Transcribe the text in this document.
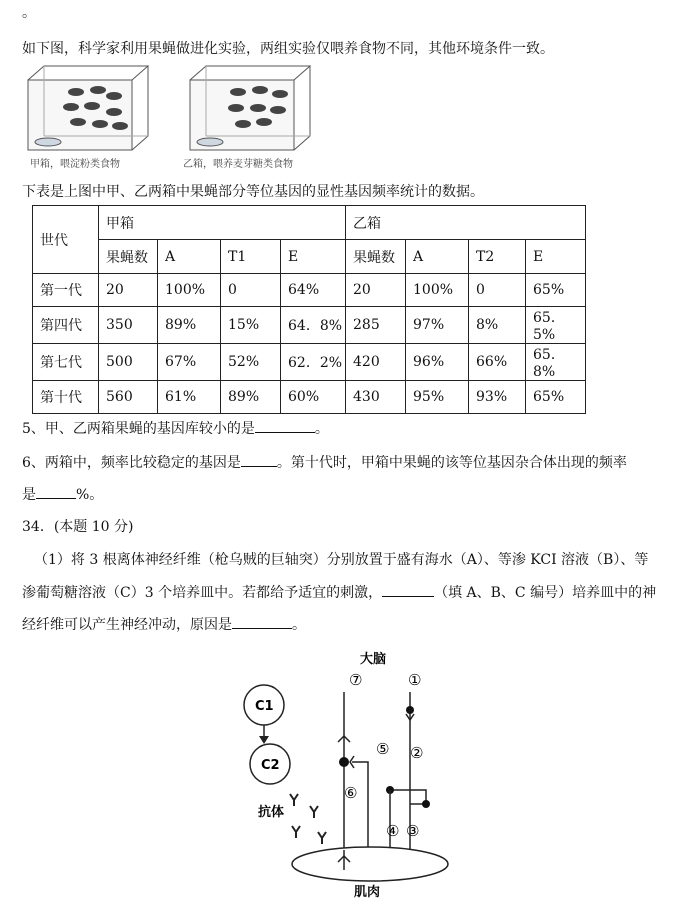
。
如下图，科学家利用果蝇做进化实验，两组实验仅喂养食物不同，其他环境条件一致。
甲箱，喂淀粉类食物	乙箱，喂养麦芽糖类食物
下表是上图中甲、乙两箱中果蝇部分等位基因的显性基因频率统计的数据。
世代	甲箱				乙箱			
	果蝇数	A	T1	E	果蝇数	A	T2	E
第一代	20	100%	0	64%	20	100%	0	65%
第四代	350	89%	15%	64．8%	285	97%	8%	65．5%
第七代	500	67%	52%	62．2%	420	96%	66%	65．8%
第十代	560	61%	89%	60%	430	95%	93%	65%
5、甲、乙两箱果蝇的基因库较小的是	。
6、两箱中，频率比较稳定的基因是	。第十代时，甲箱中果蝇的该等位基因杂合体出现的频率
是	%。
34．(本题 10 分)
（1）将 3 根离体神经纤维（枪乌贼的巨轴突）分别放置于盛有海水（A）、等渗 KCI 溶液（B）、等
渗葡萄糖溶液（C）3 个培养皿中。若都给予适宜的刺激，	（填 A、B、C 编号）培养皿中的神
经纤维可以产生神经冲动，原因是	。
大脑
⑦	①
C1
C2
抗体
⑤
⑥
②
④ ③
肌肉
